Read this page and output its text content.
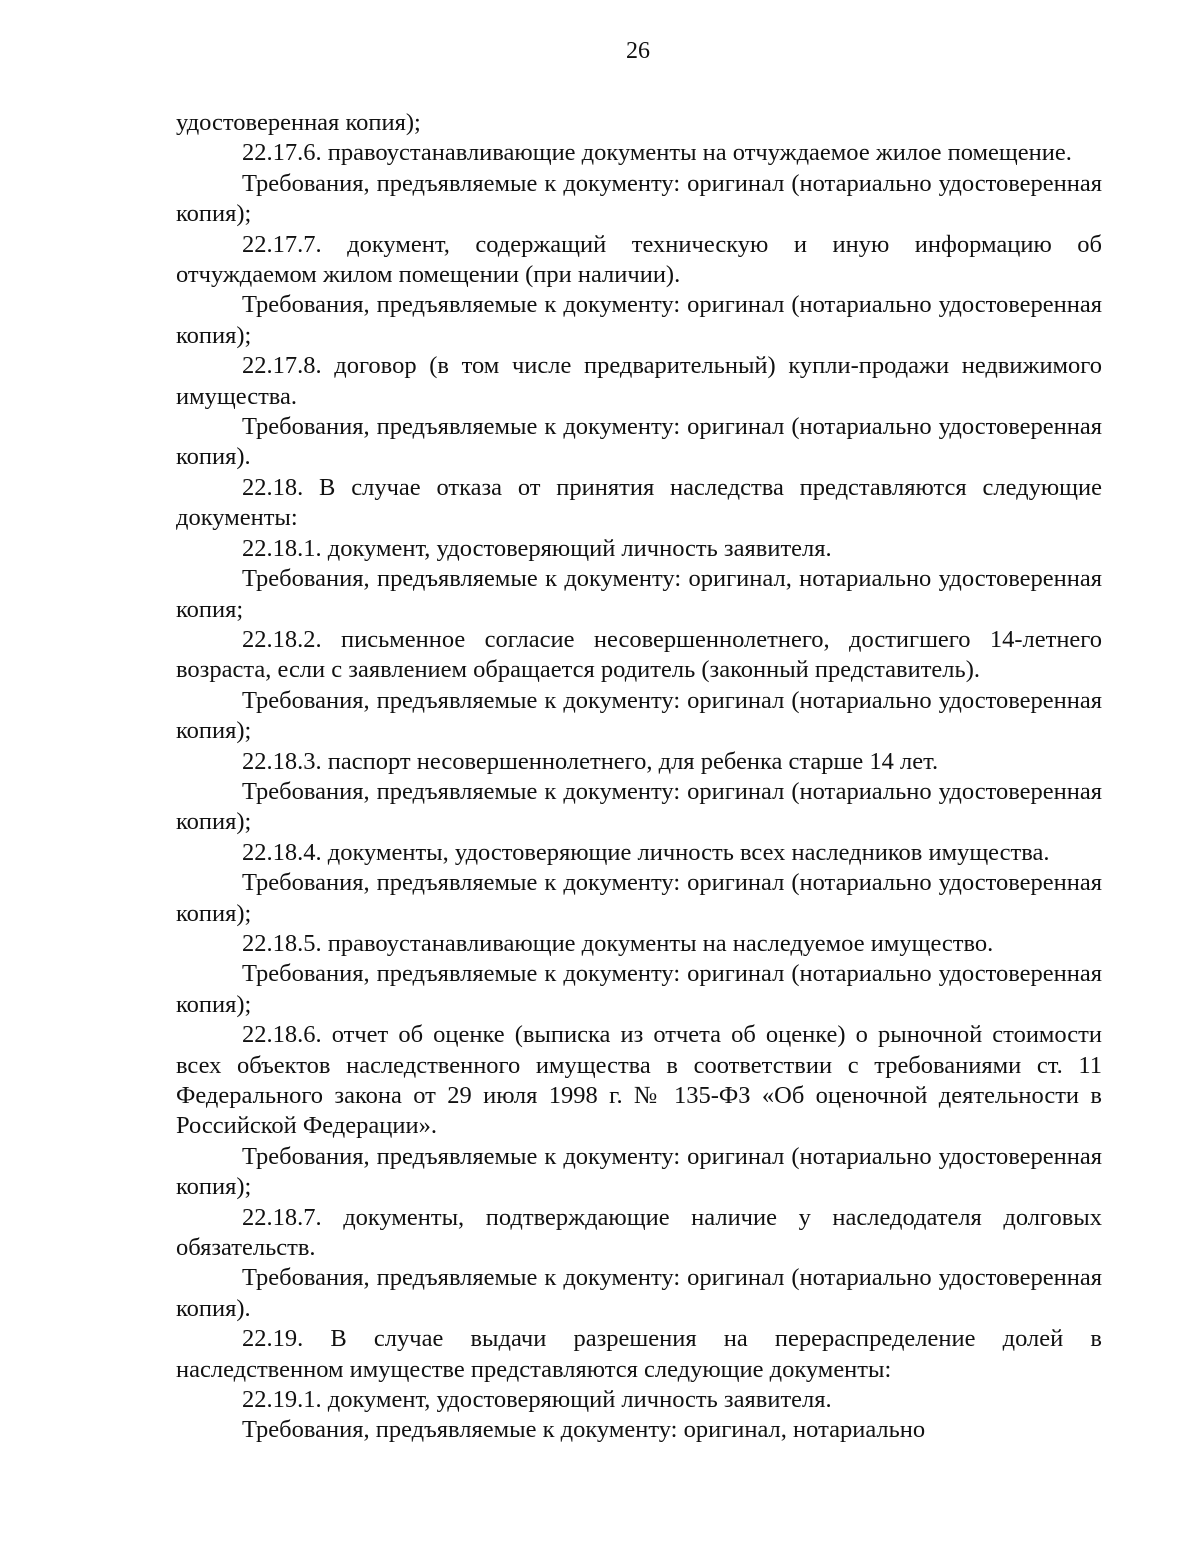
26

удостоверенная копия);

22.17.6. правоустанавливающие документы на отчуждаемое жилое помещение.

Требования, предъявляемые к документу: оригинал (нотариально удостоверенная копия);

22.17.7. документ, содержащий техническую и иную информацию об отчуждаемом жилом помещении (при наличии).

Требования, предъявляемые к документу: оригинал (нотариально удостоверенная копия);

22.17.8. договор (в том числе предварительный) купли-продажи недвижимого имущества.

Требования, предъявляемые к документу: оригинал (нотариально удостоверенная копия).

22.18. В случае отказа от принятия наследства представляются следующие документы:

22.18.1. документ, удостоверяющий личность заявителя.

Требования, предъявляемые к документу: оригинал, нотариально удостоверенная копия;

22.18.2. письменное согласие несовершеннолетнего, достигшего 14-летнего возраста, если с заявлением обращается родитель (законный представитель).

Требования, предъявляемые к документу: оригинал (нотариально удостоверенная копия);

22.18.3. паспорт несовершеннолетнего, для ребенка старше 14 лет.

Требования, предъявляемые к документу: оригинал (нотариально удостоверенная копия);

22.18.4. документы, удостоверяющие личность всех наследников имущества.

Требования, предъявляемые к документу: оригинал (нотариально удостоверенная копия);

22.18.5. правоустанавливающие документы на наследуемое имущество.

Требования, предъявляемые к документу: оригинал (нотариально удостоверенная копия);

22.18.6. отчет об оценке (выписка из отчета об оценке) о рыночной стоимости всех объектов наследственного имущества в соответствии с требованиями ст. 11 Федерального закона от 29 июля 1998 г. № 135-ФЗ «Об оценочной деятельности в Российской Федерации».

Требования, предъявляемые к документу: оригинал (нотариально удостоверенная копия);

22.18.7. документы, подтверждающие наличие у наследодателя долговых обязательств.

Требования, предъявляемые к документу: оригинал (нотариально удостоверенная копия).

22.19. В случае выдачи разрешения на перераспределение долей в наследственном имуществе представляются следующие документы:

22.19.1. документ, удостоверяющий личность заявителя.

Требования, предъявляемые к документу: оригинал, нотариально
